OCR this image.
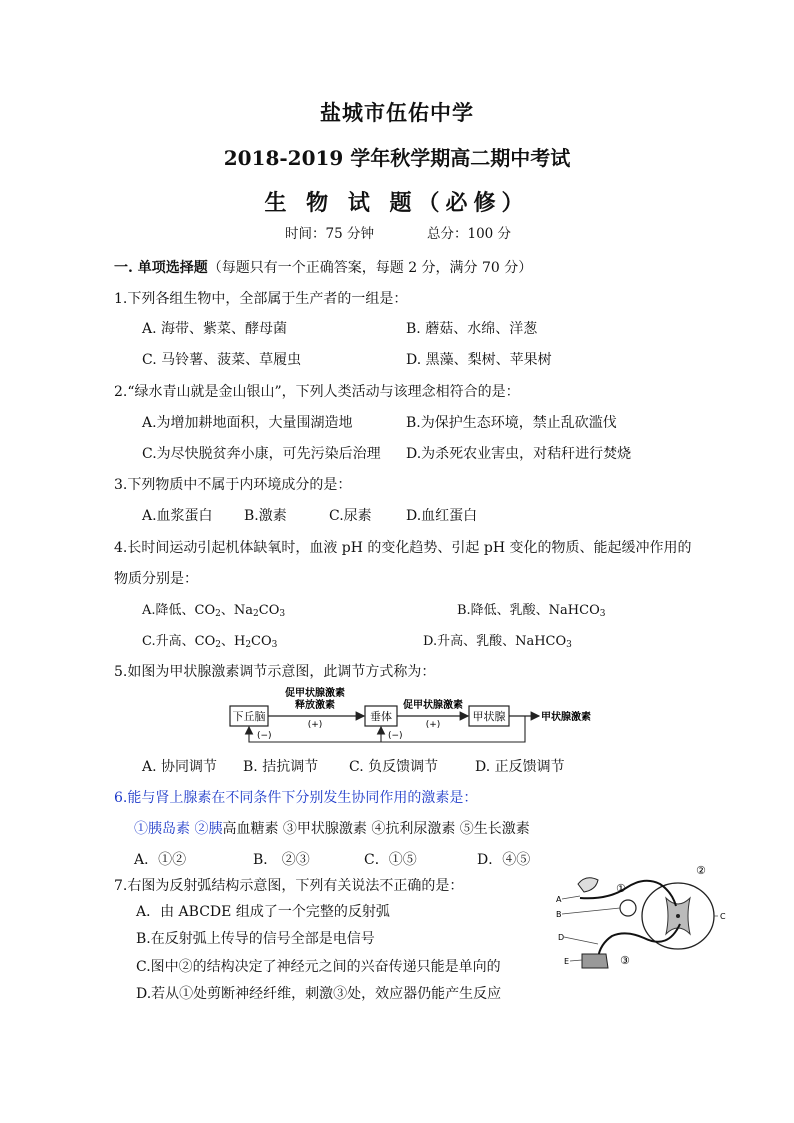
盐城市伍佑中学
2018-2019 学年秋学期高二期中考试
生 物 试 题（必修）
时间：75 分钟	总分：100 分
一. 单项选择题（每题只有一个正确答案，每题 2 分，满分 70 分）
1.下列各组生物中，全部属于生产者的一组是：
A. 海带、紫菜、酵母菌	B. 蘑菇、水绵、洋葱
C. 马铃薯、菠菜、草履虫	D. 黑藻、梨树、苹果树
2.“绿水青山就是金山银山”，下列人类活动与该理念相符合的是：
A.为增加耕地面积，大量围湖造地	B.为保护生态环境，禁止乱砍滥伐
C.为尽快脱贫奔小康，可先污染后治理 D.为杀死农业害虫，对秸秆进行焚烧
3.下列物质中不属于内环境成分的是：
A.血浆蛋白 B.激素	C.尿素 D.血红蛋白
4.长时间运动引起机体缺氧时，血液 pH 的变化趋势、引起 pH 变化的物质、能起缓冲作用的
物质分别是：
A.降低、$CO_2$、$Na_2CO_3$	B.降低、乳酸、NaHCO$_3$
C.升高、$CO_2$、$H_2CO_3$	D.升高、乳酸、NaHCO$_3$
5.如图为甲状腺激素调节示意图，此调节方式称为：
下丘脑	垂体	甲状腺
促甲状腺激素
释放激素
(+)
促甲状腺激素
(+)
甲状腺激素
(−)	(−)
A. 协同调节 B. 拮抗调节 C. 负反馈调节	D. 正反馈调节
6.能与肾上腺素在不同条件下分别发生协同作用的激素是：
①胰岛素 ②胰高血糖素 ③甲状腺激素 ④抗利尿激素 ⑤生长激素
A．①②	B． ②③	C．①⑤	D．④⑤
7.右图为反射弧结构示意图，下列有关说法不正确的是：
A．由 ABCDE 组成了一个完整的反射弧
B.在反射弧上传导的信号全部是电信号
C.图中②的结构决定了神经元之间的兴奋传递只能是单向的
D.若从①处剪断神经纤维，刺激③处，效应器仍能产生反应
A
B	C
D
E
①
②
③
